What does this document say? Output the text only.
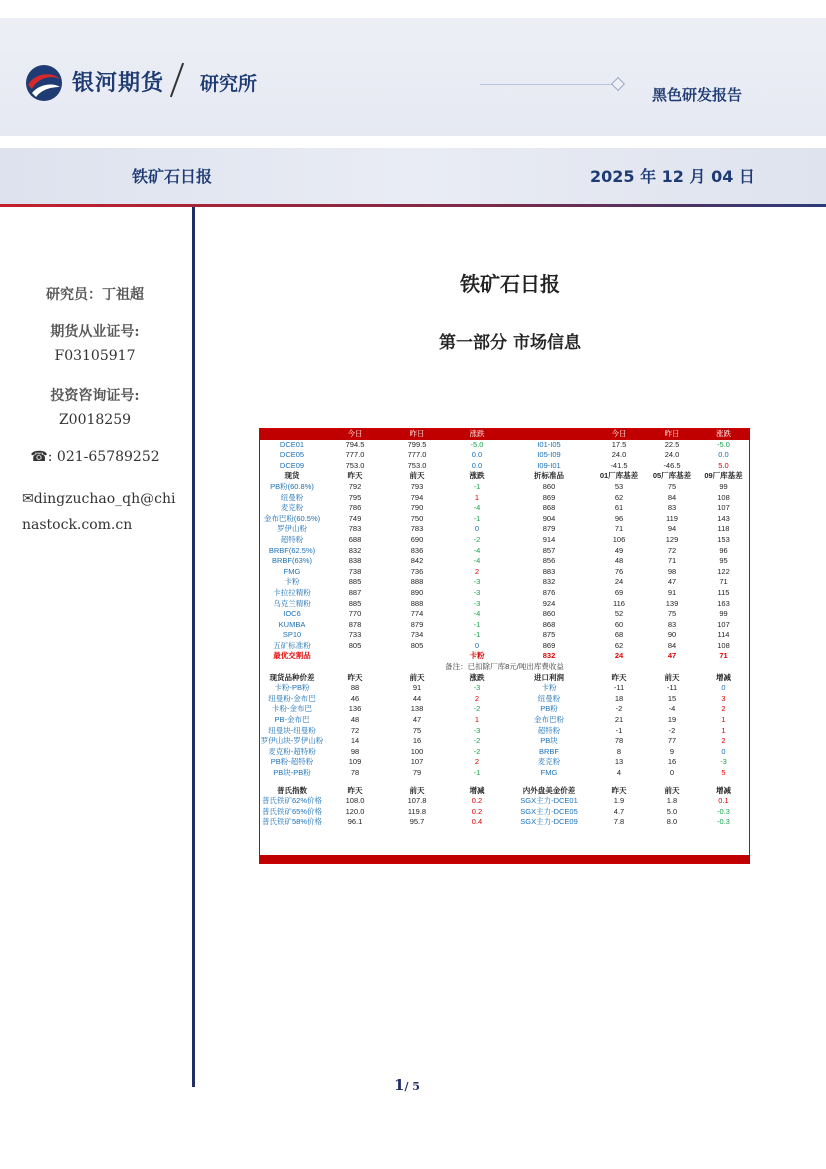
银河期货 研究所	黑色研发报告
铁矿石日报	2025 年 12 月 04 日
研究员：丁祖超
期货从业证号:
F03105917
投资咨询证号:
Z0018259
☎: 021-65789252
✉dingzuchao_qh@chinastock.com.cn
铁矿石日报
第一部分 市场信息
	今日	昨日	涨跌		今日	昨日	涨跌
DCE01	794.5	799.5	-5.0	I01-I05	17.5	22.5	-5.0
DCE05	777.0	777.0	0.0	I05-I09	24.0	24.0	0.0
DCE09	753.0	753.0	0.0	I09-I01	-41.5	-46.5	5.0
现货	昨天	前天	涨跌	折标准品	01厂库基差	05厂库基差	09厂库基差
PB粉(60.8%)	792	793	-1	860	53	75	99
纽曼粉	795	794	1	869	62	84	108
麦克粉	786	790	-4	868	61	83	107
金布巴粉(60.5%)	749	750	-1	904	96	119	143
罗伊山粉	783	783	0	879	71	94	118
超特粉	688	690	-2	914	106	129	153
BRBF(62.5%)	832	836	-4	857	49	72	96
BRBF(63%)	838	842	-4	856	48	71	95
FMG	738	736	2	883	76	98	122
卡粉	885	888	-3	832	24	47	71
卡拉拉精粉	887	890	-3	876	69	91	115
乌克兰精粉	885	888	-3	924	116	139	163
IOC6	770	774	-4	860	52	75	99
KUMBA	878	879	-1	868	60	83	107
SP10	733	734	-1	875	68	90	114
五矿标准粉	805	805	0	869	62	84	108
最优交割品			卡粉	832	24	47	71
备注：已扣除厂库8元/吨出库费收益							
现货品种价差	昨天	前天	涨跌	进口利润	昨天	前天	增减
卡粉-PB粉	88	91	-3	卡粉	-11	-11	0
纽曼粉-金布巴	46	44	2	纽曼粉	18	15	3
卡粉-金布巴	136	138	-2	PB粉	-2	-4	2
PB-金布巴	48	47	1	金布巴粉	21	19	1
纽曼块-纽曼粉	72	75	-3	超特粉	-1	-2	1
罗伊山块-罗伊山粉	14	16	-2	PB块	78	77	2
麦克粉-超特粉	98	100	-2	BRBF	8	9	0
PB粉-超特粉	109	107	2	麦克粉	13	16	-3
PB块-PB粉	78	79	-1	FMG	4	0	5

普氏指数	昨天	前天	增减	内外盘美金价差	昨天	前天	增减
普氏铁矿62%价格	108.0	107.8	0.2	SGX主力-DCE01	1.9	1.8	0.1
普氏铁矿65%价格	120.0	119.8	0.2	SGX主力-DCE05	4.7	5.0	-0.3
普氏铁矿58%价格	96.1	95.7	0.4	SGX主力-DCE09	7.8	8.0	-0.3
1/ 5
